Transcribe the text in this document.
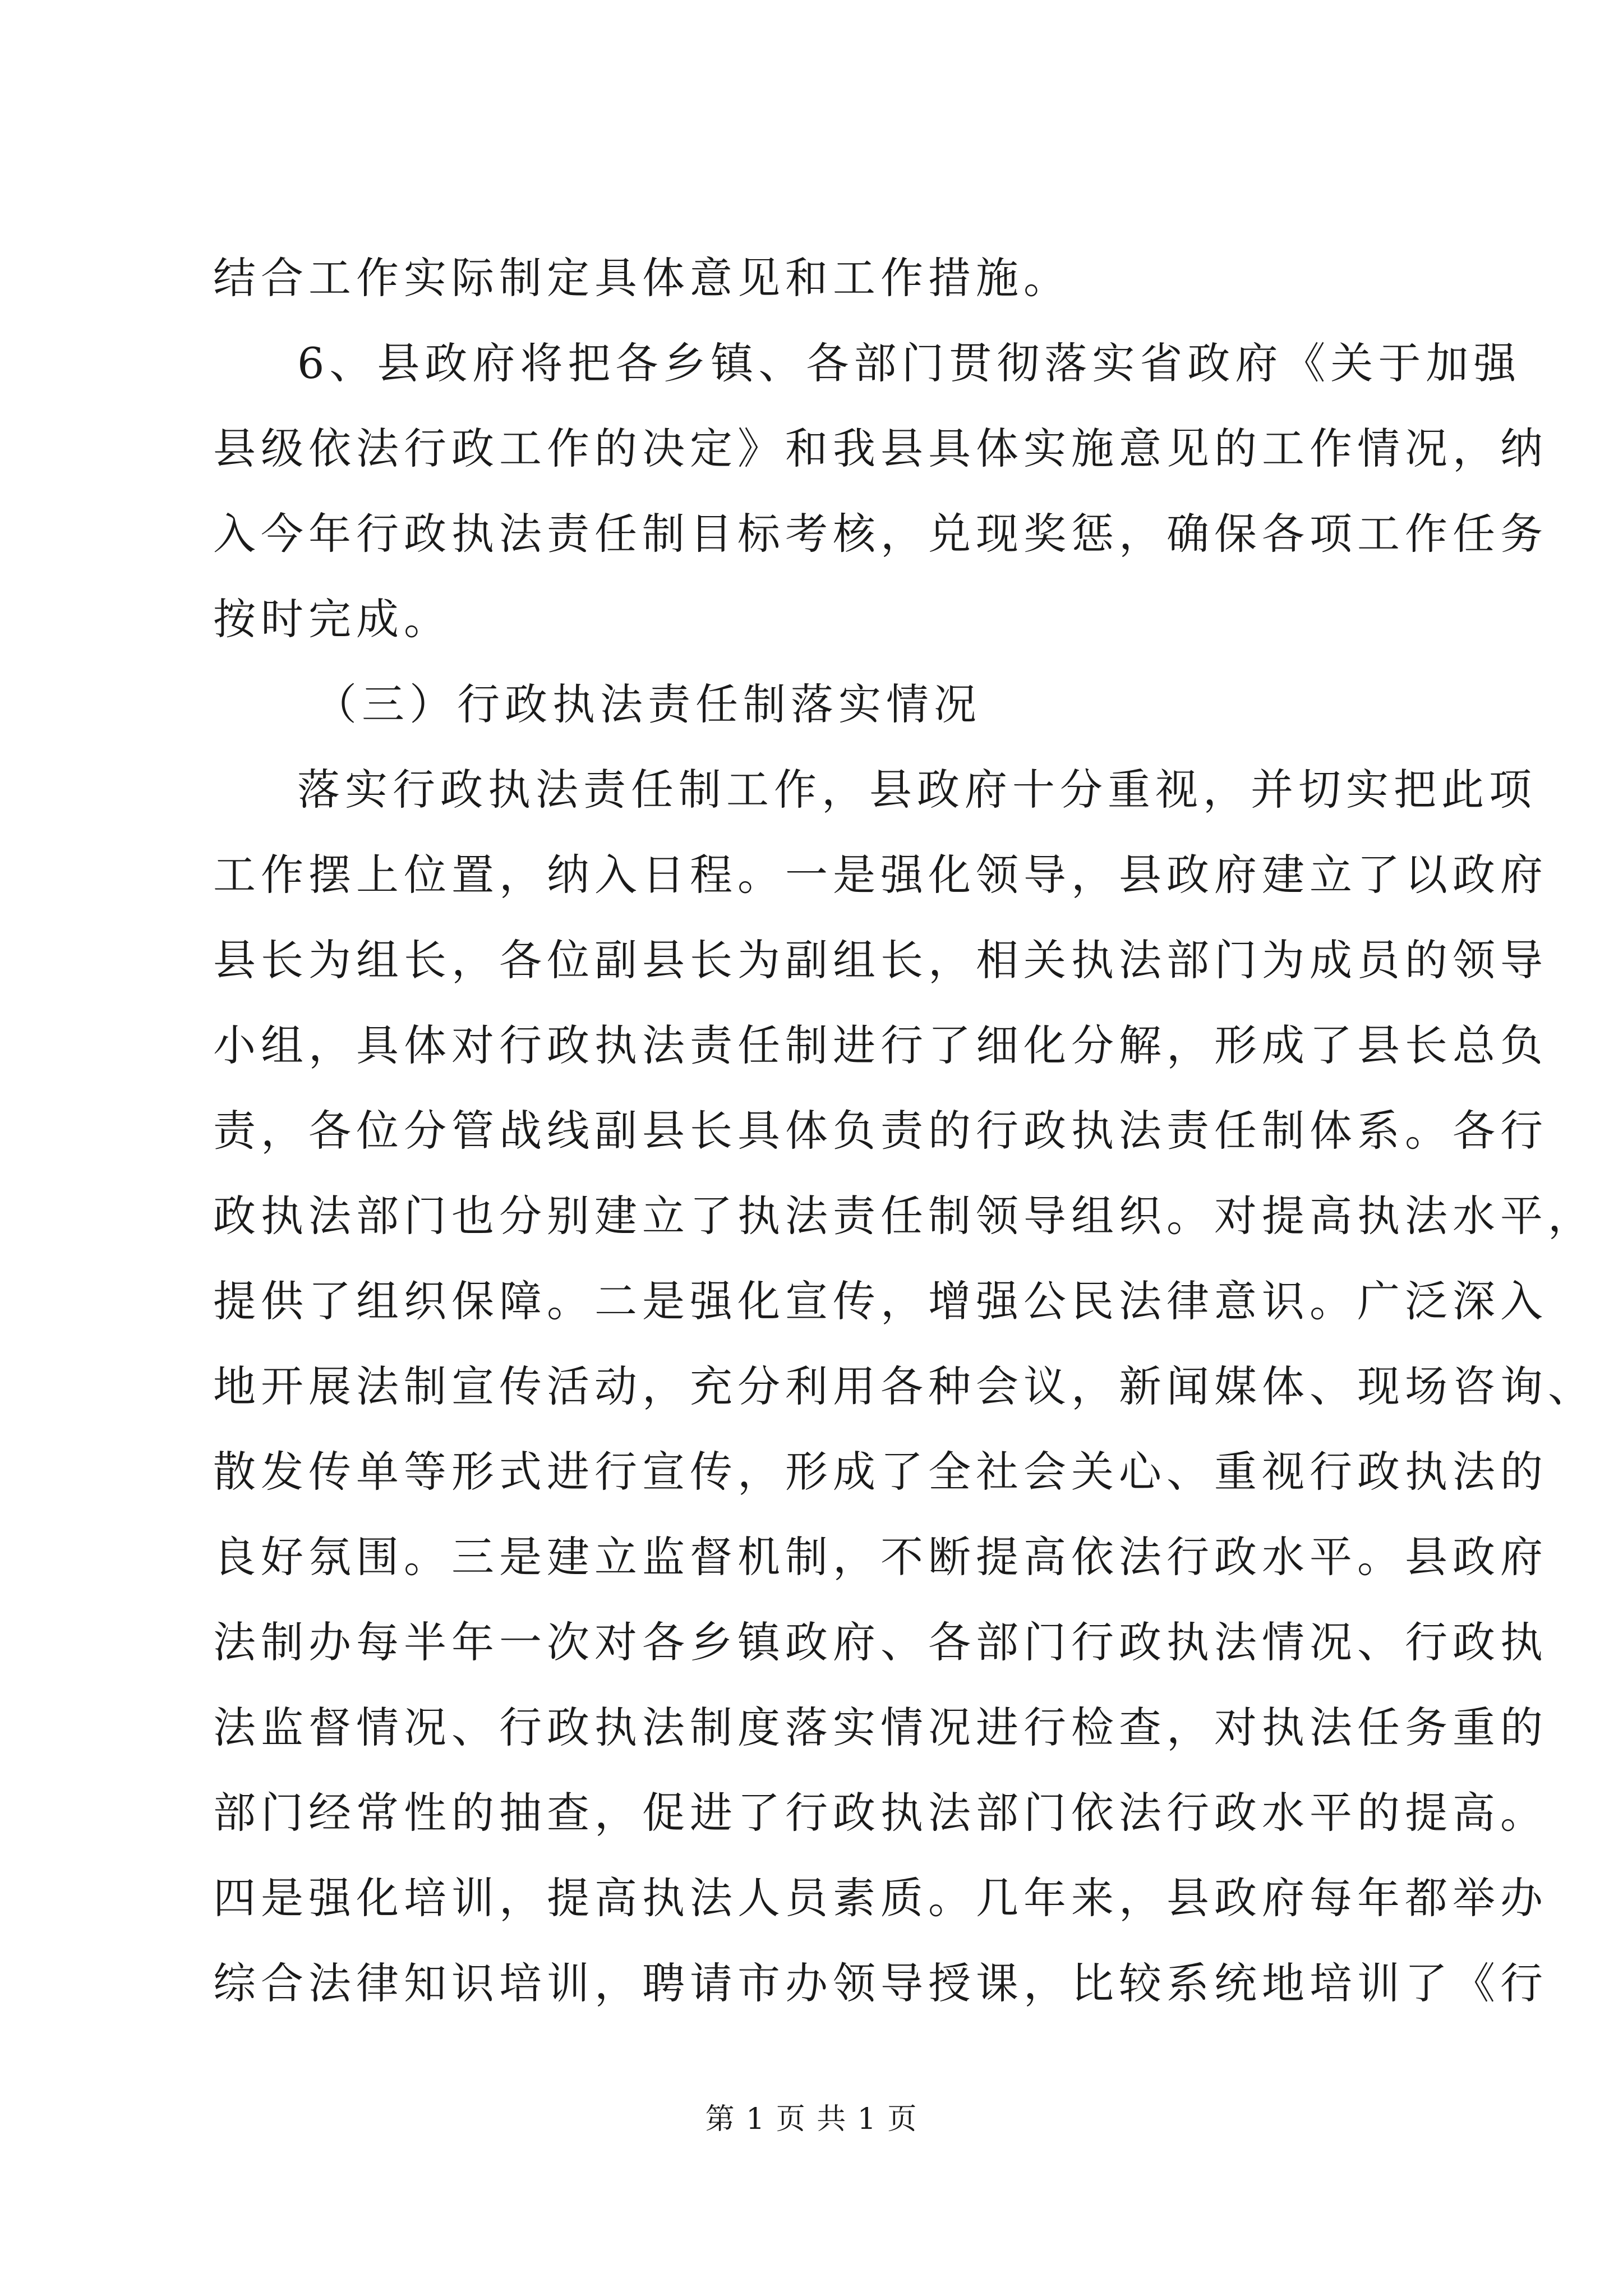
结合工作实际制定具体意见和工作措施。
6、县政府将把各乡镇、各部门贯彻落实省政府《关于加强
县级依法行政工作的决定》和我县具体实施意见的工作情况，纳
入今年行政执法责任制目标考核，兑现奖惩，确保各项工作任务
按时完成。
（三）行政执法责任制落实情况
落实行政执法责任制工作，县政府十分重视，并切实把此项
工作摆上位置，纳入日程。一是强化领导，县政府建立了以政府
县长为组长，各位副县长为副组长，相关执法部门为成员的领导
小组，具体对行政执法责任制进行了细化分解，形成了县长总负
责，各位分管战线副县长具体负责的行政执法责任制体系。各行
政执法部门也分别建立了执法责任制领导组织。对提高执法水平，
提供了组织保障。二是强化宣传，增强公民法律意识。广泛深入
地开展法制宣传活动，充分利用各种会议，新闻媒体、现场咨询、
散发传单等形式进行宣传，形成了全社会关心、重视行政执法的
良好氛围。三是建立监督机制，不断提高依法行政水平。县政府
法制办每半年一次对各乡镇政府、各部门行政执法情况、行政执
法监督情况、行政执法制度落实情况进行检查，对执法任务重的
部门经常性的抽查，促进了行政执法部门依法行政水平的提高。
四是强化培训，提高执法人员素质。几年来，县政府每年都举办
综合法律知识培训，聘请市办领导授课，比较系统地培训了《行
第 1 页 共 1 页
